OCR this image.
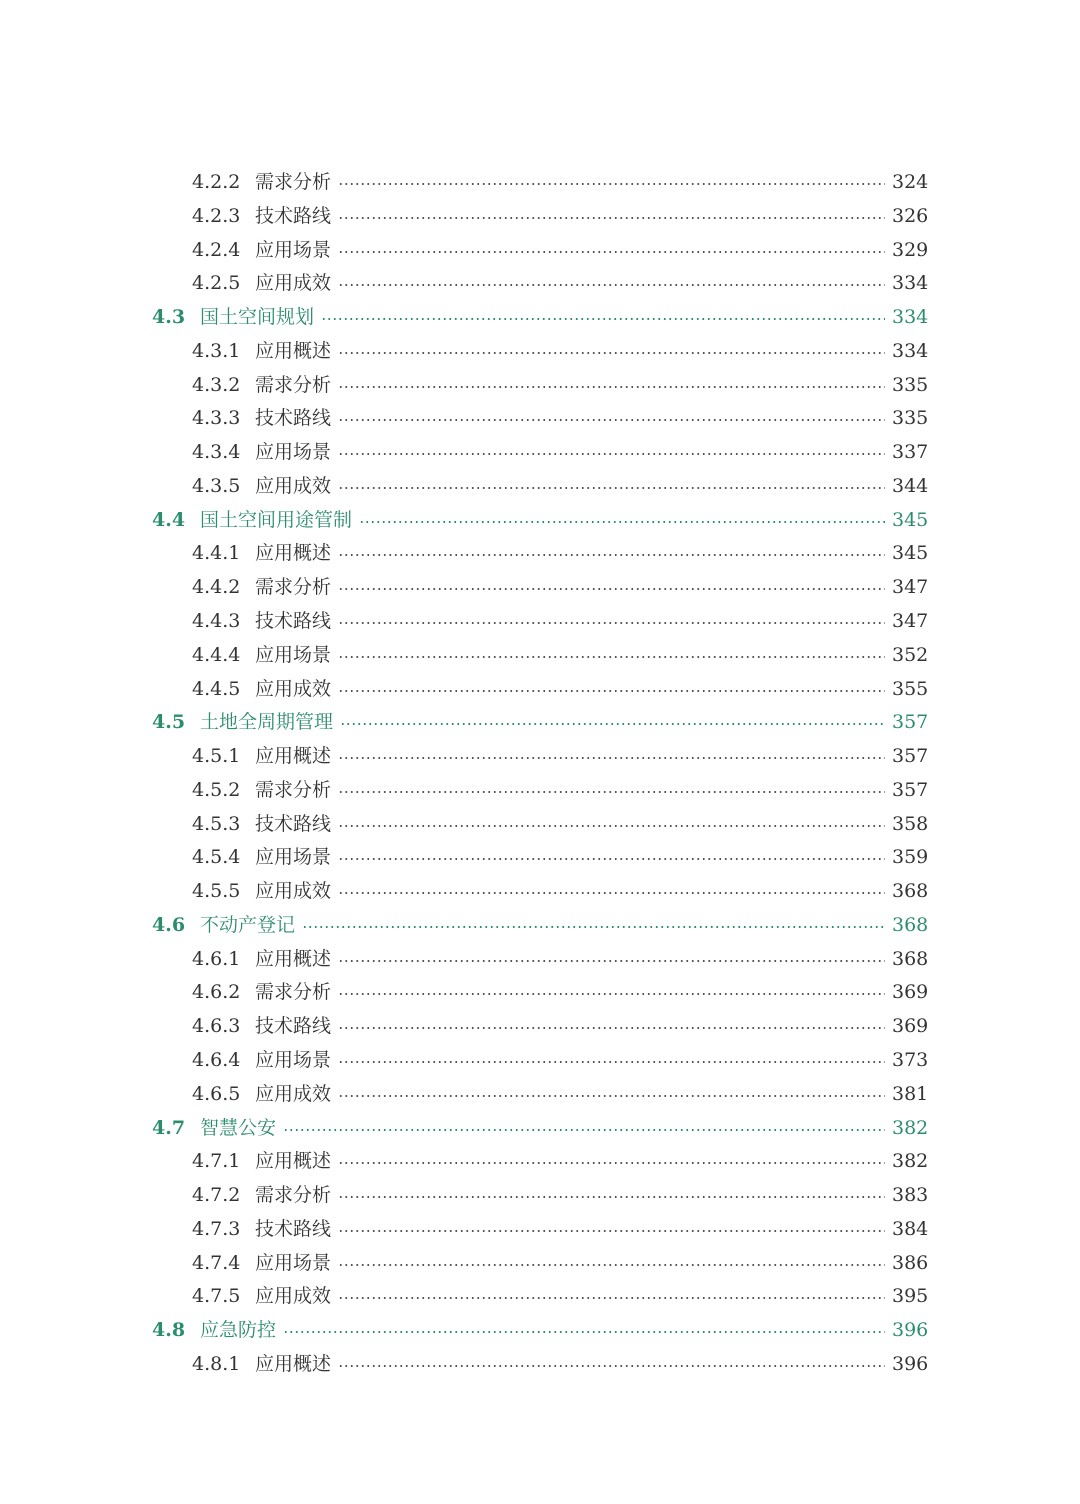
4.2.2 需求分析	324
4.2.3 技术路线	326
4.2.4 应用场景	329
4.2.5 应用成效	334
4.3 国土空间规划	334
4.3.1 应用概述	334
4.3.2 需求分析	335
4.3.3 技术路线	335
4.3.4 应用场景	337
4.3.5 应用成效	344
4.4 国土空间用途管制	345
4.4.1 应用概述	345
4.4.2 需求分析	347
4.4.3 技术路线	347
4.4.4 应用场景	352
4.4.5 应用成效	355
4.5 土地全周期管理	357
4.5.1 应用概述	357
4.5.2 需求分析	357
4.5.3 技术路线	358
4.5.4 应用场景	359
4.5.5 应用成效	368
4.6 不动产登记	368
4.6.1 应用概述	368
4.6.2 需求分析	369
4.6.3 技术路线	369
4.6.4 应用场景	373
4.6.5 应用成效	381
4.7 智慧公安	382
4.7.1 应用概述	382
4.7.2 需求分析	383
4.7.3 技术路线	384
4.7.4 应用场景	386
4.7.5 应用成效	395
4.8 应急防控	396
4.8.1 应用概述	396
